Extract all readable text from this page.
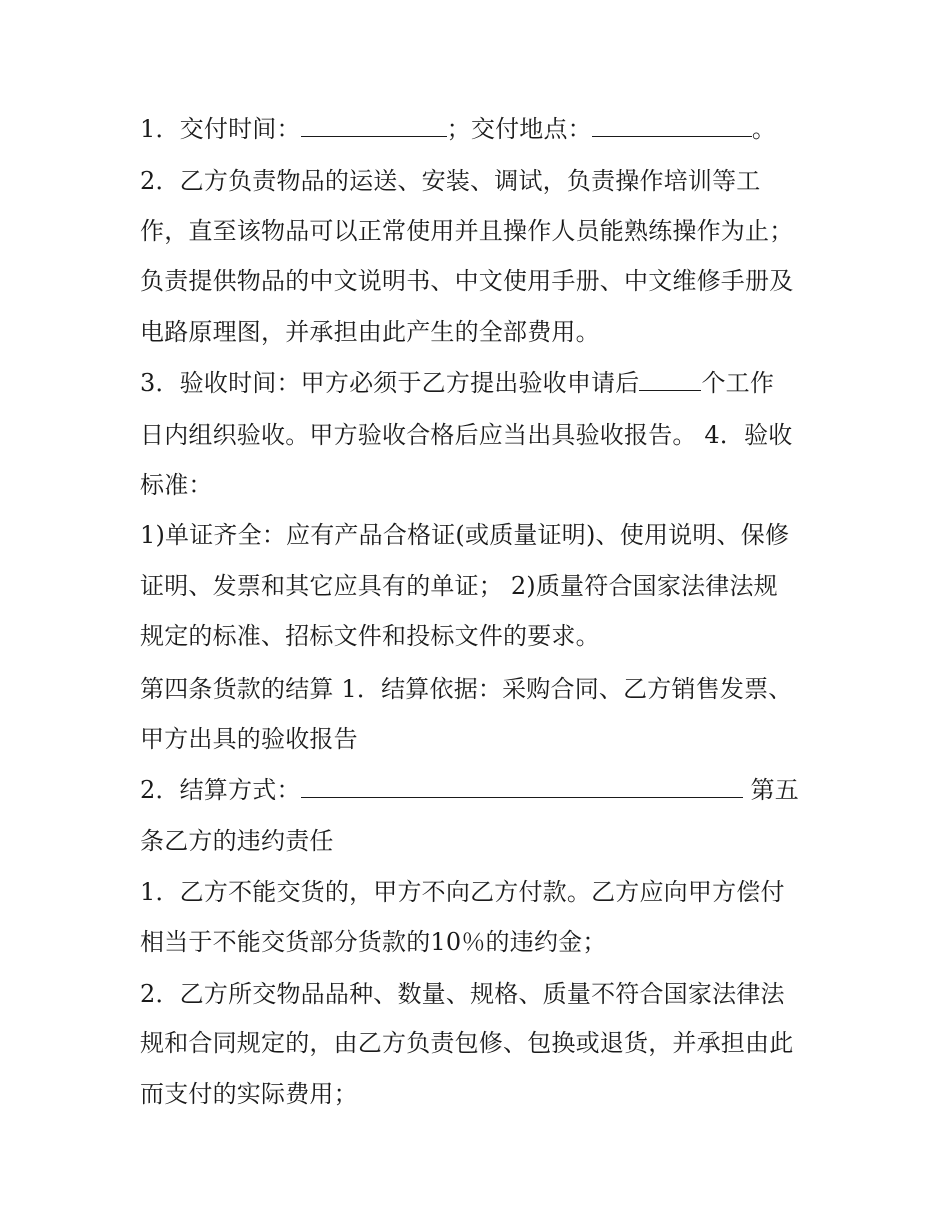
1．交付时间：	；交付地点：	。
2．乙方负责物品的运送、安装、调试，负责操作培训等工
作，直至该物品可以正常使用并且操作人员能熟练操作为止；
负责提供物品的中文说明书、中文使用手册、中文维修手册及
电路原理图，并承担由此产生的全部费用。
3．验收时间：甲方必须于乙方提出验收申请后	个工作
日内组织验收。甲方验收合格后应当出具验收报告。 4．验收
标准：
1)单证齐全：应有产品合格证(或质量证明)、使用说明、保修
证明、发票和其它应具有的单证； 2)质量符合国家法律法规
规定的标准、招标文件和投标文件的要求。
第四条货款的结算 1．结算依据：采购合同、乙方销售发票、
甲方出具的验收报告
2．结算方式：	第五
条乙方的违约责任
1．乙方不能交货的，甲方不向乙方付款。乙方应向甲方偿付
相当于不能交货部分货款的10％的违约金；
2．乙方所交物品品种、数量、规格、质量不符合国家法律法
规和合同规定的，由乙方负责包修、包换或退货，并承担由此
而支付的实际费用；
